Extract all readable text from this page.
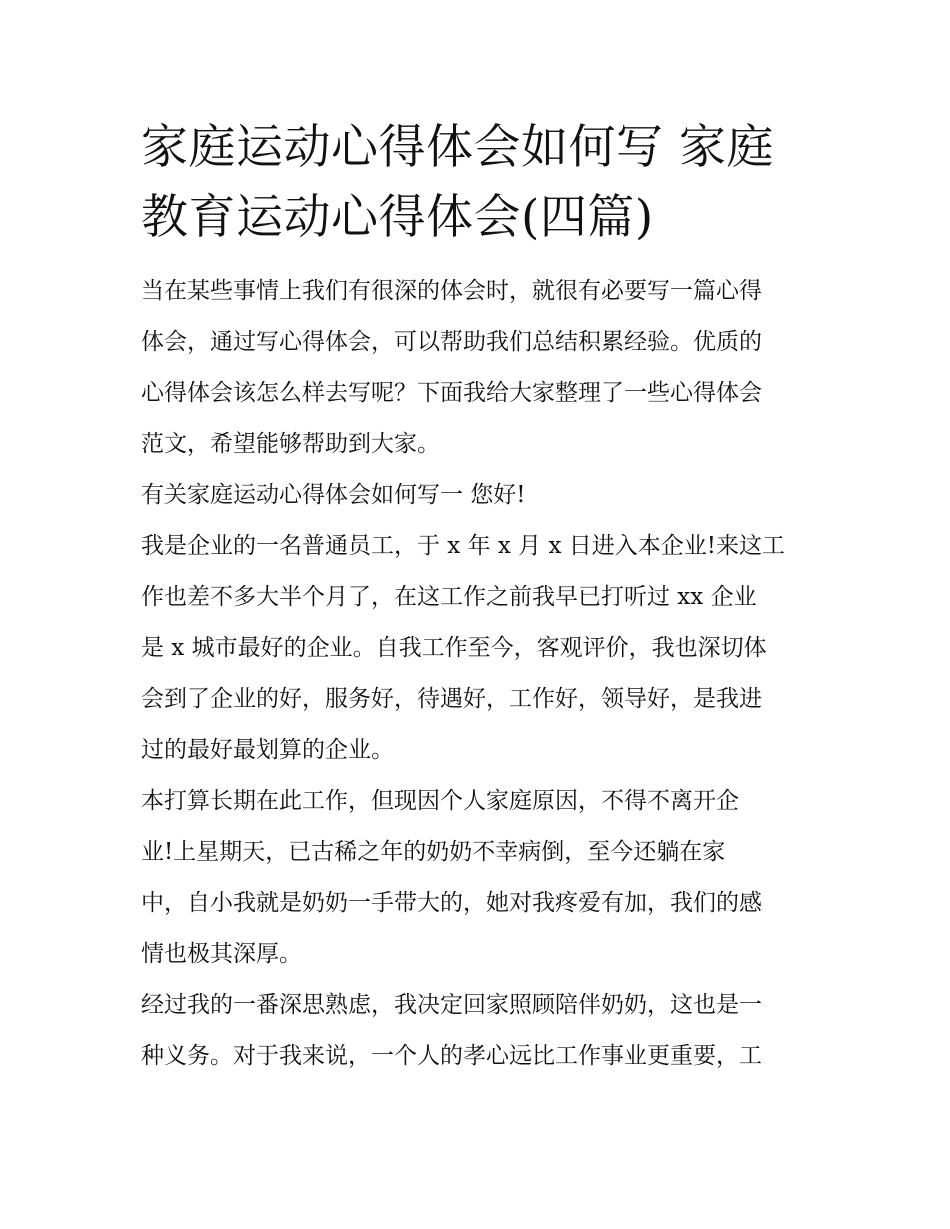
家庭运动心得体会如何写 家庭
教育运动心得体会(四篇)

当在某些事情上我们有很深的体会时，就很有必要写一篇心得
体会，通过写心得体会，可以帮助我们总结积累经验。优质的
心得体会该怎么样去写呢？下面我给大家整理了一些心得体会
范文，希望能够帮助到大家。

有关家庭运动心得体会如何写一 您好!

我是企业的一名普通员工，于 x 年 x 月 x 日进入本企业!来这工
作也差不多大半个月了，在这工作之前我早已打听过 xx 企业
是 x 城市最好的企业。自我工作至今，客观评价，我也深切体
会到了企业的好，服务好，待遇好，工作好，领导好，是我进
过的最好最划算的企业。

本打算长期在此工作，但现因个人家庭原因，不得不离开企
业!上星期天，已古稀之年的奶奶不幸病倒，至今还躺在家
中，自小我就是奶奶一手带大的，她对我疼爱有加，我们的感
情也极其深厚。

经过我的一番深思熟虑，我决定回家照顾陪伴奶奶，这也是一
种义务。对于我来说，一个人的孝心远比工作事业更重要，工
